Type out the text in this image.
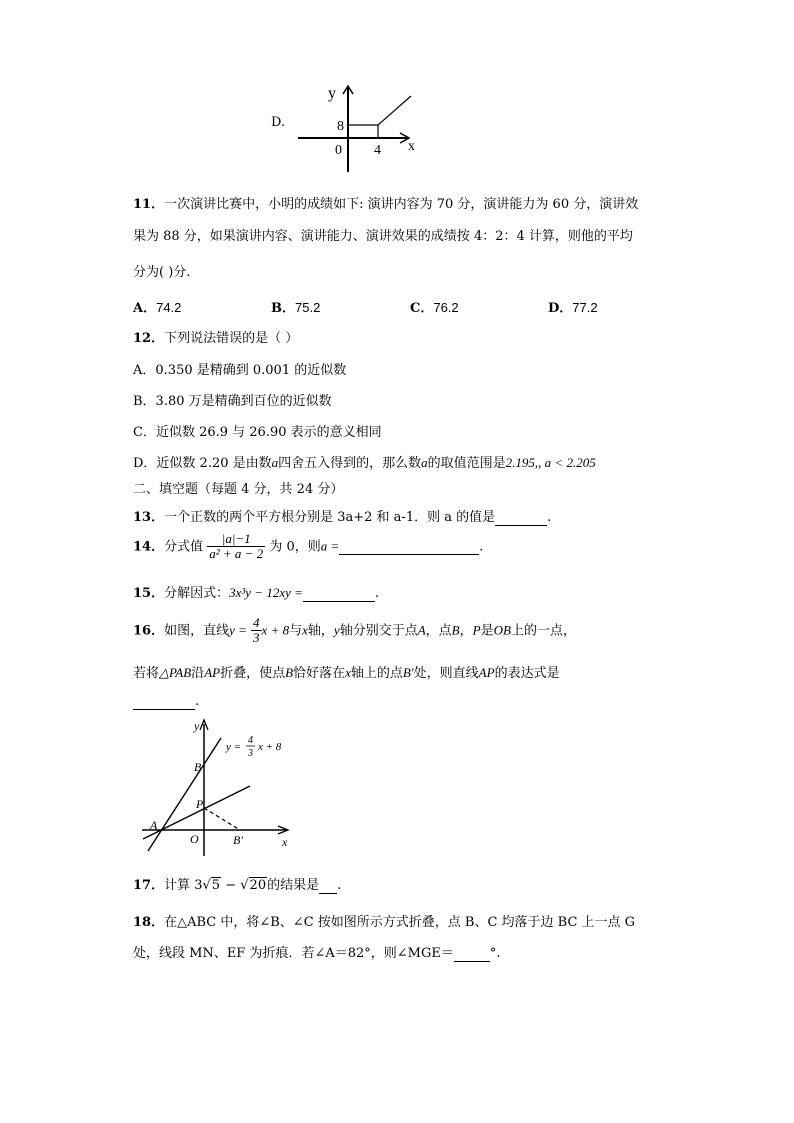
D.
y
x
0
8
4
11．一次演讲比赛中，小明的成绩如下: 演讲内容为 70 分，演讲能力为 60 分，演讲效
果为 88 分，如果演讲内容、演讲能力、演讲效果的成绩按 4：2：4 计算，则他的平均
分为( )分.
A．74.2	B．75.2	C．76.2	D．77.2
12．下列说法错误的是（ ）
A．0.350 是精确到 0.001 的近似数
B．3.80 万是精确到百位的近似数
C．近似数 26.9 与 26.90 表示的意义相同
D．近似数 2.20 是由数a四舍五入得到的，那么数a的取值范围是2.195,, a < 2.205
二、填空题（每题 4 分，共 24 分）
13．一个正数的两个平方根分别是 3a+2 和 a-1．则 a 的值是	.
14．分式值 $\frac{|a|-1}{\text{a² + a − 2}}$ 为 0，则a =	.
15．分解因式：3x³y − 12xy =	.
16．如图，直线$y = \frac{4}{3}$ x + 8与x轴，y轴分别交于点A，点B，P是OB上的一点，
若将△PAB沿AP折叠，使点B恰好落在x轴上的点B′处，则直线AP的表达式是
.
y
x
O
A
B
P
B′
y =
4
3
x + 8
17．计算 3√5 − √20的结果是 .
18．在△ABC 中，将∠B、∠C 按如图所示方式折叠，点 B、C 均落于边 BC 上一点 G
处，线段 MN、EF 为折痕．若∠A＝82°，则∠MGE＝	°.
